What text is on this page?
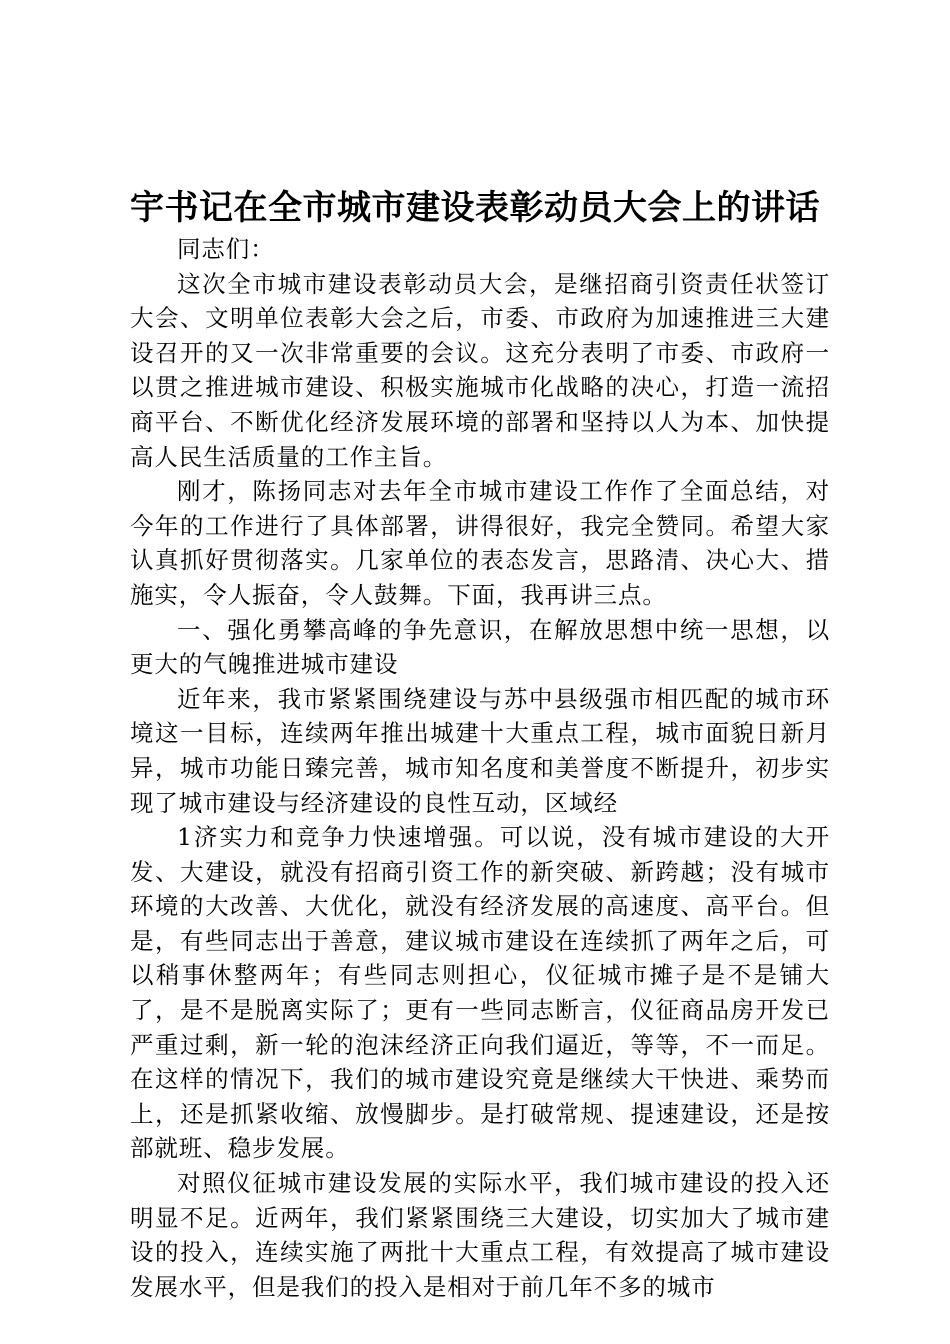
宇书记在全市城市建设表彰动员大会上的讲话

同志们：

这次全市城市建设表彰动员大会，是继招商引资责任状签订大会、文明单位表彰大会之后，市委、市政府为加速推进三大建设召开的又一次非常重要的会议。这充分表明了市委、市政府一以贯之推进城市建设、积极实施城市化战略的决心，打造一流招商平台、不断优化经济发展环境的部署和坚持以人为本、加快提高人民生活质量的工作主旨。

刚才，陈扬同志对去年全市城市建设工作作了全面总结，对今年的工作进行了具体部署，讲得很好，我完全赞同。希望大家认真抓好贯彻落实。几家单位的表态发言，思路清、决心大、措施实，令人振奋，令人鼓舞。下面，我再讲三点。

一、强化勇攀高峰的争先意识，在解放思想中统一思想，以更大的气魄推进城市建设

近年来，我市紧紧围绕建设与苏中县级强市相匹配的城市环境这一目标，连续两年推出城建十大重点工程，城市面貌日新月异，城市功能日臻完善，城市知名度和美誉度不断提升，初步实现了城市建设与经济建设的良性互动，区域经

1济实力和竞争力快速增强。可以说，没有城市建设的大开发、大建设，就没有招商引资工作的新突破、新跨越；没有城市环境的大改善、大优化，就没有经济发展的高速度、高平台。但是，有些同志出于善意，建议城市建设在连续抓了两年之后，可以稍事休整两年；有些同志则担心，仪征城市摊子是不是铺大了，是不是脱离实际了；更有一些同志断言，仪征商品房开发已严重过剩，新一轮的泡沫经济正向我们逼近，等等，不一而足。在这样的情况下，我们的城市建设究竟是继续大干快进、乘势而上，还是抓紧收缩、放慢脚步。是打破常规、提速建设，还是按部就班、稳步发展。

对照仪征城市建设发展的实际水平，我们城市建设的投入还明显不足。近两年，我们紧紧围绕三大建设，切实加大了城市建设的投入，连续实施了两批十大重点工程，有效提高了城市建设发展水平，但是我们的投入是相对于前几年不多的城市
